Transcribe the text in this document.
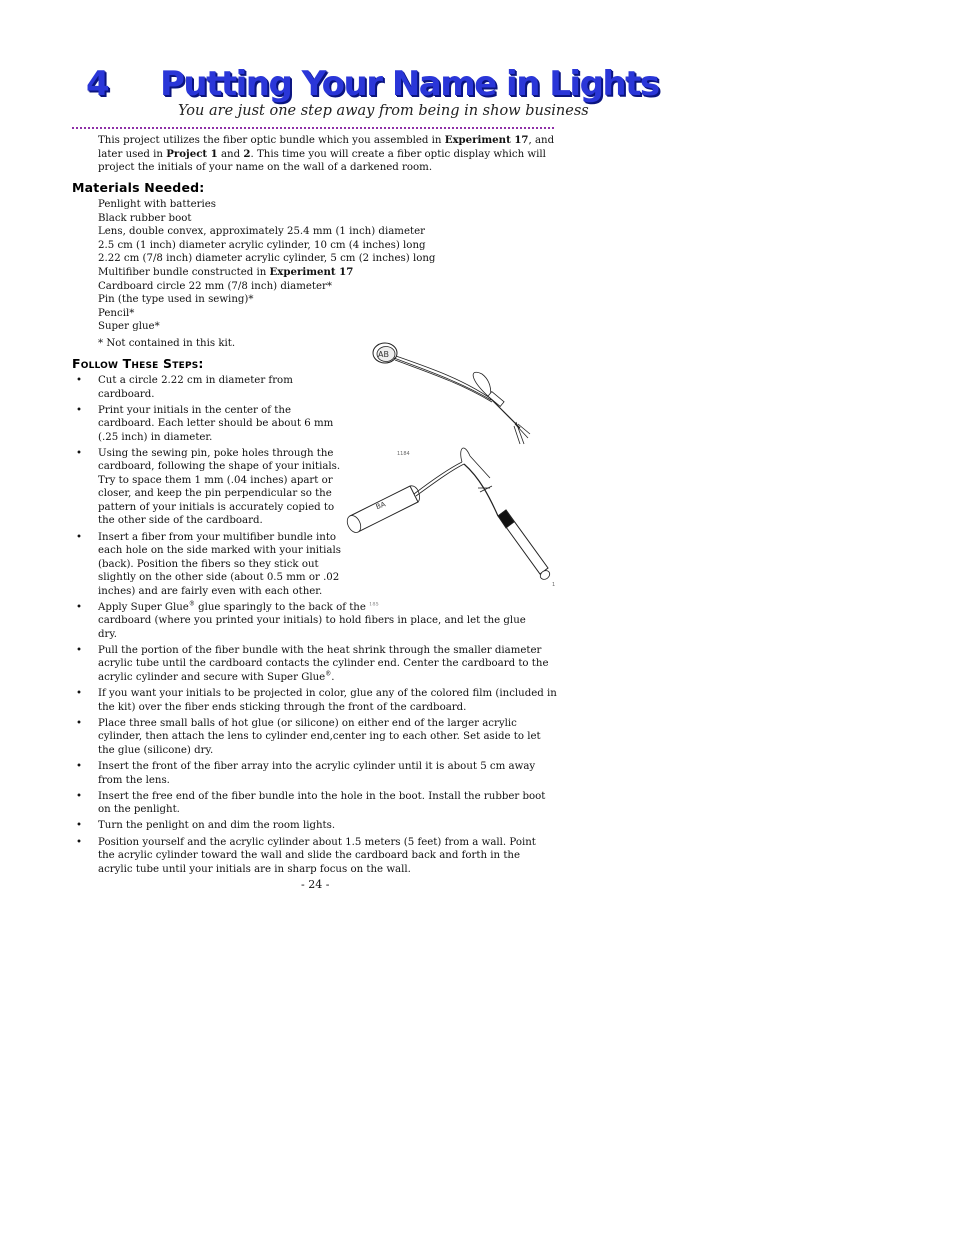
4 Putting Your Name in Lights
You are just one step away from being in show business
This project utilizes the fiber optic bundle which you assembled in Experiment 17, and later used in Project 1 and 2. This time you will create a fiber optic display which will project the initials of your name on the wall of a darkened room.
Materials Needed:
Penlight with batteries
Black rubber boot
Lens, double convex, approximately 25.4 mm (1 inch) diameter
2.5 cm (1 inch) diameter acrylic cylinder, 10 cm (4 inches) long
2.22 cm (7/8 inch) diameter acrylic cylinder, 5 cm (2 inches) long
Multifiber bundle constructed in Experiment 17
Cardboard circle 22 mm (7/8 inch) diameter*
Pin (the type used in sewing)*
Pencil*
Super glue*
* Not contained in this kit.
Follow These Steps:
• Cut a circle 2.22 cm in diameter from cardboard.
• Print your initials in the center of the cardboard. Each letter should be about 6 mm (.25 inch) in diameter.
• Using the sewing pin, poke holes through the cardboard, following the shape of your initials. Try to space them 1 mm (.04 inches) apart or closer, and keep the pin perpendicular so the pattern of your initials is accurately copied to the other side of the cardboard.
• Insert a fiber from your multifiber bundle into each hole on the side marked with your initials (back). Position the fibers so they stick out slightly on the other side (about 0.5 mm or .02 inches) and are fairly even with each other.
• Apply Super Glue® glue sparingly to the back of the $^{185}$
cardboard (where you printed your initials) to hold fibers in place, and let the glue dry.
• Pull the portion of the fiber bundle with the heat shrink through the smaller diameter acrylic tube until the cardboard contacts the cylinder end. Center the cardboard to the acrylic cylinder and secure with Super Glue®.
• If you want your initials to be projected in color, glue any of the colored film (included in the kit) over the fiber ends sticking through the front of the cardboard.
• Place three small balls of hot glue (or silicone) on either end of the larger acrylic cylinder, then attach the lens to cylinder end,center ing to each other. Set aside to let the glue (silicone) dry.
• Insert the front of the fiber array into the acrylic cylinder until it is about 5 cm away from the lens.
• Insert the free end of the fiber bundle into the hole in the boot. Install the rubber boot on the penlight.
• Turn the penlight on and dim the room lights.
• Position yourself and the acrylic cylinder about 1.5 meters (5 feet) from a wall. Point the acrylic cylinder toward the wall and slide the cardboard back and forth in the acrylic tube until your initials are in sharp focus on the wall.
AB
1184
BA
1
- 24 -
